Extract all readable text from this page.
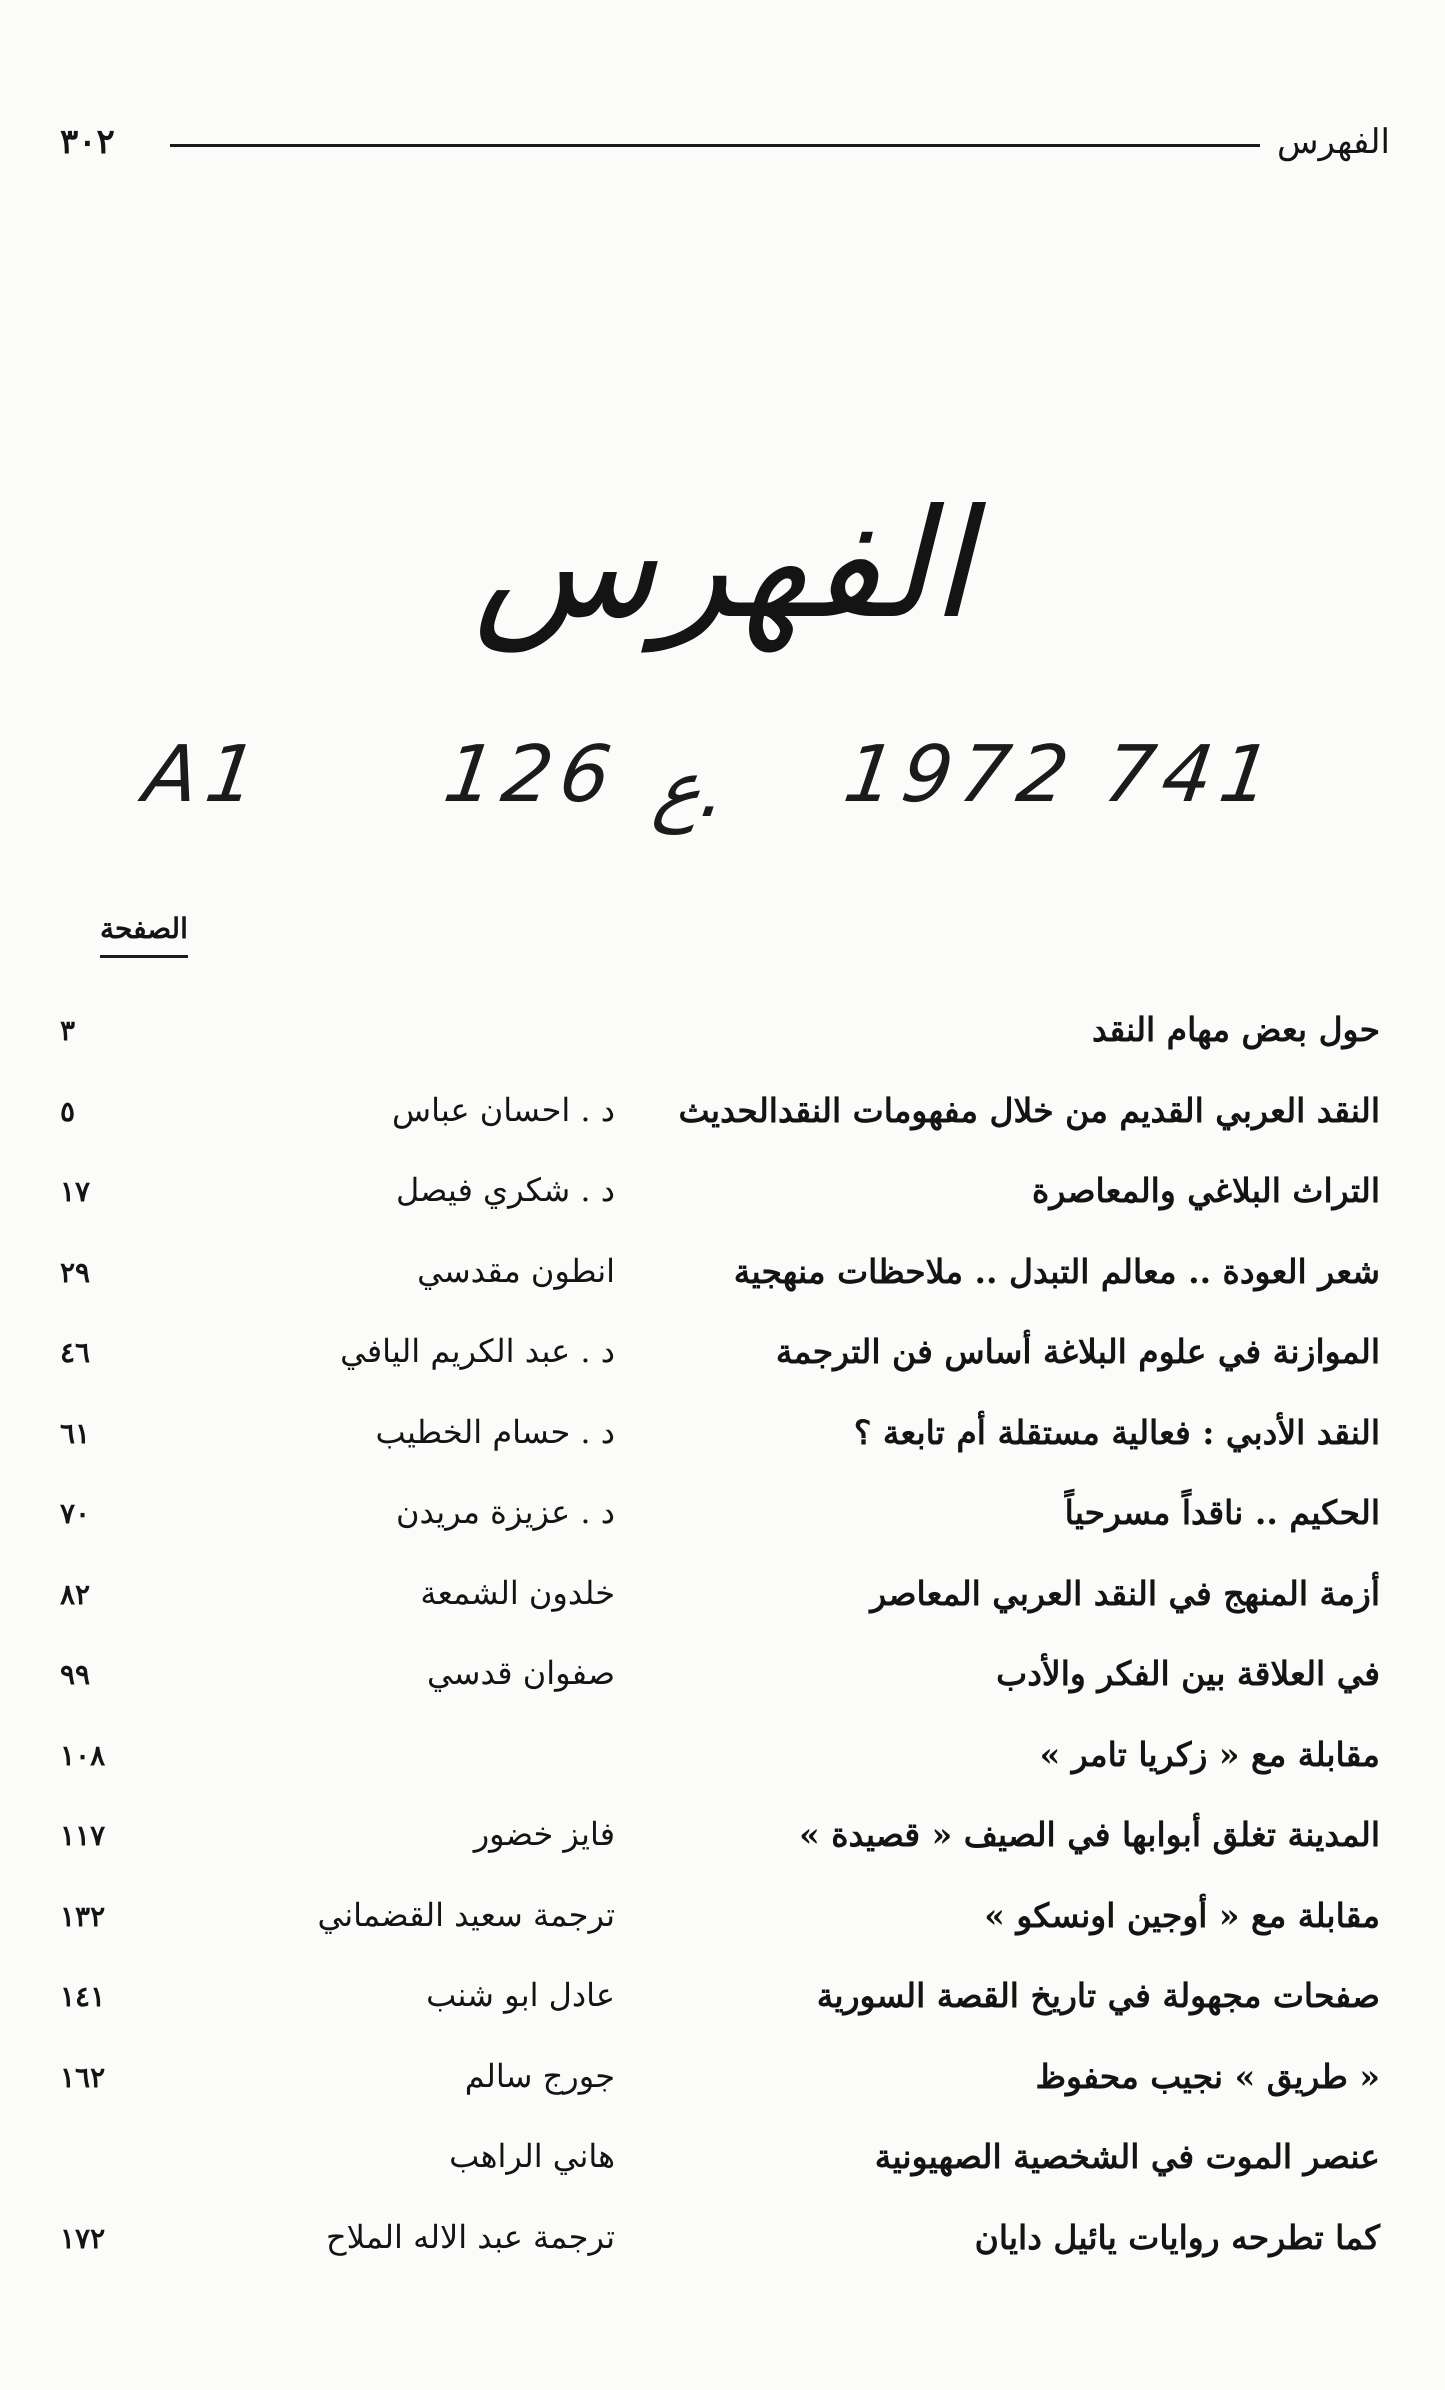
٣٠٢	الفهرس
الفهرس
A1 126 ع. 1972 741
الصفحة
حول بعض مهام النقد
٣
النقد العربي القديم من خلال مفهومات النقدالحديث
د . احسان عباس
٥
التراث البلاغي والمعاصرة
د . شكري فيصل
١٧
شعر العودة .. معالم التبدل .. ملاحظات منهجية
انطون مقدسي
٢٩
الموازنة في علوم البلاغة أساس فن الترجمة
د . عبد الكريم اليافي
٤٦
النقد الأدبي : فعالية مستقلة أم تابعة ؟
د . حسام الخطيب
٦١
الحكيم .. ناقداً مسرحياً
د . عزيزة مريدن
٧٠
أزمة المنهج في النقد العربي المعاصر
خلدون الشمعة
٨٢
في العلاقة بين الفكر والأدب
صفوان قدسي
٩٩
مقابلة مع « زكريا تامر »
١٠٨
المدينة تغلق أبوابها في الصيف « قصيدة »
فايز خضور
١١٧
مقابلة مع « أوجين اونسكو »
ترجمة سعيد القضماني
١٣٢
صفحات مجهولة في تاريخ القصة السورية
عادل ابو شنب
١٤١
« طريق » نجيب محفوظ
جورج سالم
١٦٢
عنصر الموت في الشخصية الصهيونية
هاني الراهب
كما تطرحه روايات يائيل دايان
ترجمة عبد الاله الملاح
١٧٢
